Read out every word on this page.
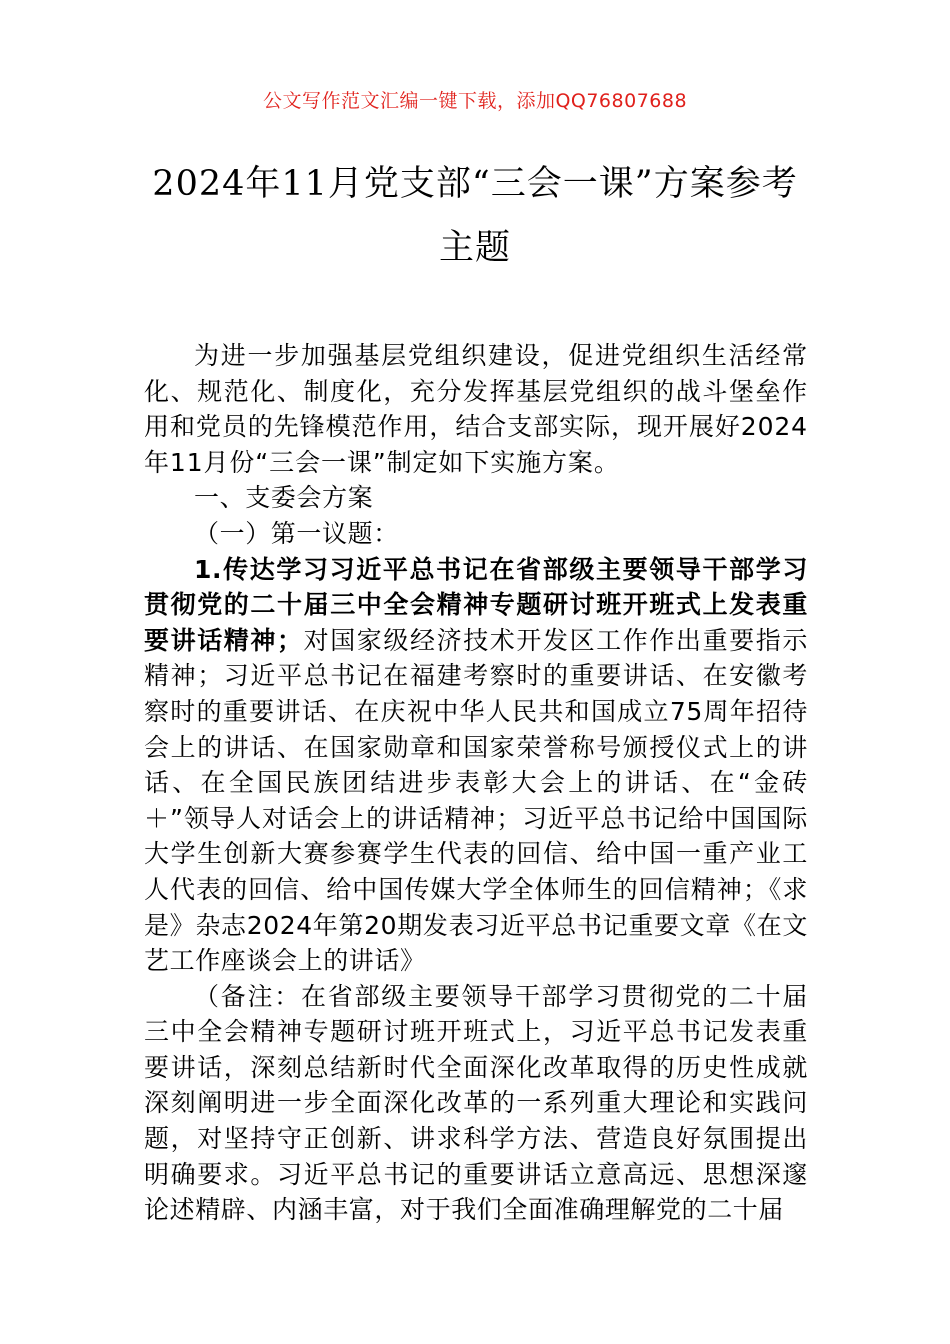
公文写作范文汇编一键下载，添加QQ76807688
2024年11月党支部“三会一课”方案参考
主题

为进一步加强基层党组织建设，促进党组织生活经常化、规范化、制度化，充分发挥基层党组织的战斗堡垒作用和党员的先锋模范作用，结合支部实际，现开展好2024年11月份“三会一课”制定如下实施方案。

一、支委会方案

（一）第一议题：

1.传达学习习近平总书记在省部级主要领导干部学习贯彻党的二十届三中全会精神专题研讨班开班式上发表重要讲话精神；对国家级经济技术开发区工作作出重要指示精神；习近平总书记在福建考察时的重要讲话、在安徽考察时的重要讲话、在庆祝中华人民共和国成立75周年招待会上的讲话、在国家勋章和国家荣誉称号颁授仪式上的讲话、在全国民族团结进步表彰大会上的讲话、在“金砖＋”领导人对话会上的讲话精神；习近平总书记给中国国际大学生创新大赛参赛学生代表的回信、给中国一重产业工人代表的回信、给中国传媒大学全体师生的回信精神；《求是》杂志2024年第20期发表习近平总书记重要文章《在文艺工作座谈会上的讲话》

（备注：在省部级主要领导干部学习贯彻党的二十届三中全会精神专题研讨班开班式上，习近平总书记发表重要讲话，深刻总结新时代全面深化改革取得的历史性成就深刻阐明进一步全面深化改革的一系列重大理论和实践问题，对坚持守正创新、讲求科学方法、营造良好氛围提出明确要求。习近平总书记的重要讲话立意高远、思想深邃论述精辟、内涵丰富，对于我们全面准确理解党的二十届
